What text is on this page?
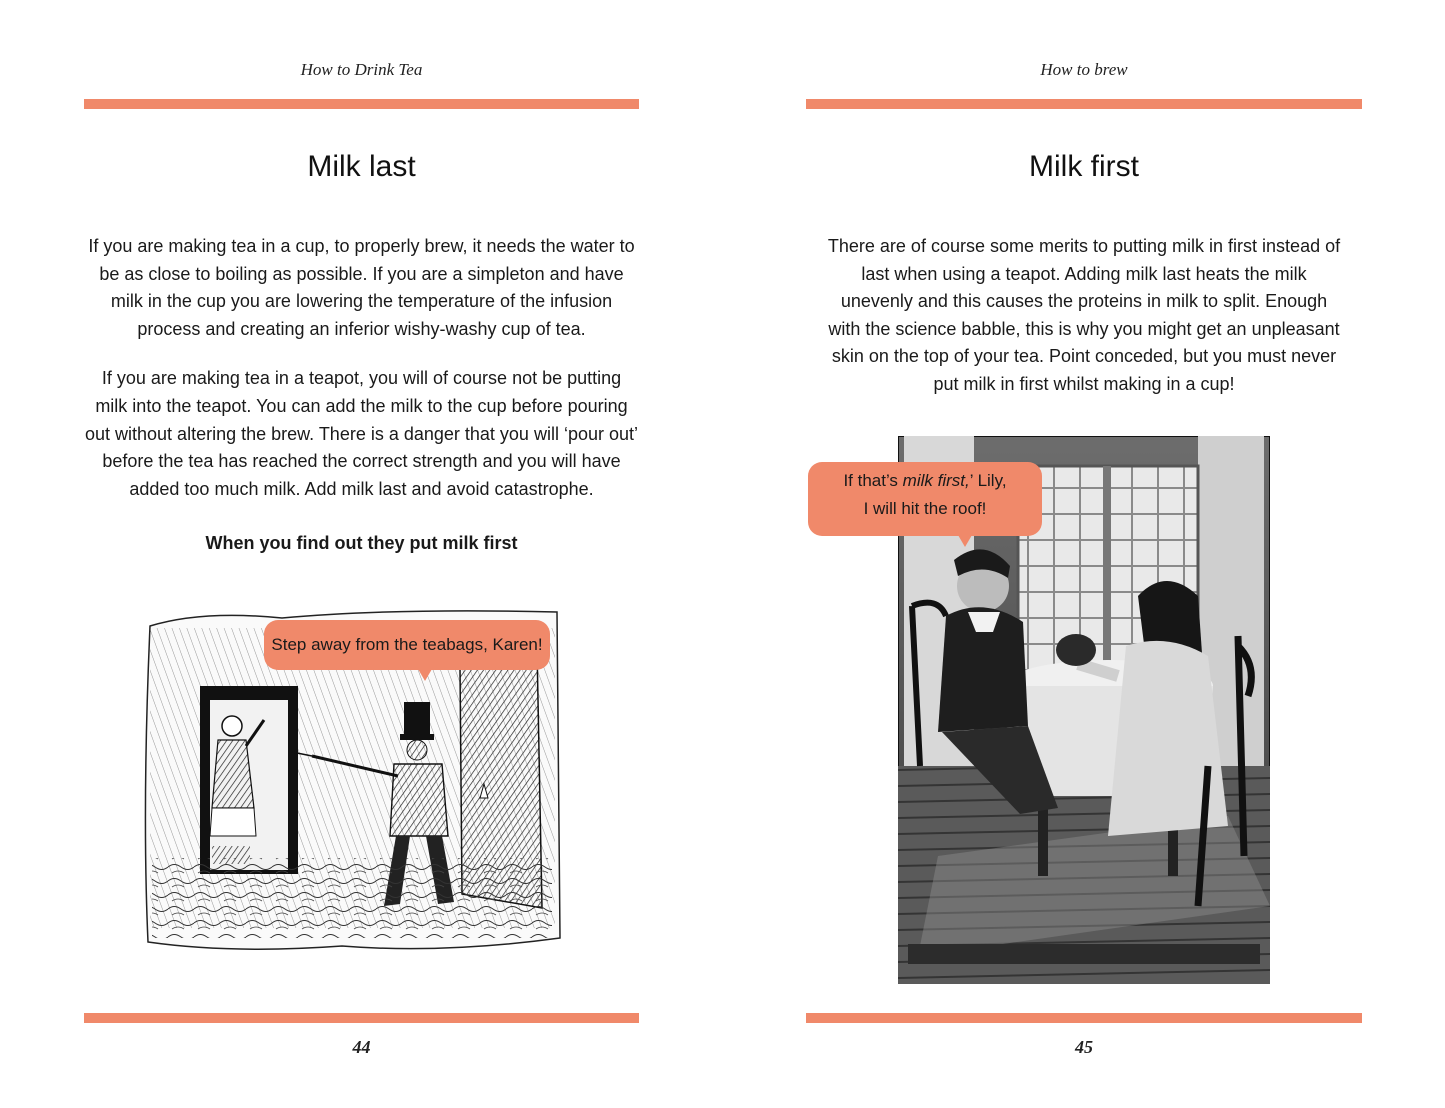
How to Drink Tea
Milk last

If you are making tea in a cup, to properly brew, it needs the water to be as close to boiling as possible. If you are a simpleton and have milk in the cup you are lowering the temperature of the infusion process and creating an inferior wishy-washy cup of tea.

If you are making tea in a teapot, you will of course not be putting milk into the teapot. You can add the milk to the cup before pouring out without altering the brew. There is a danger that you will ‘pour out’ before the tea has reached the correct strength and you will have added too much milk. Add milk last and avoid catastrophe.

When you find out they put milk first

Step away from the teabags, Karen!
44
How to brew
Milk first

There are of course some merits to putting milk in first instead of last when using a teapot. Adding milk last heats the milk unevenly and this causes the proteins in milk to split. Enough with the science babble, this is why you might get an unpleasant skin on the top of your tea. Point conceded, but you must never put milk in first whilst making in a cup!

If that’s milk first,’ Lily,
I will hit the roof!
45
